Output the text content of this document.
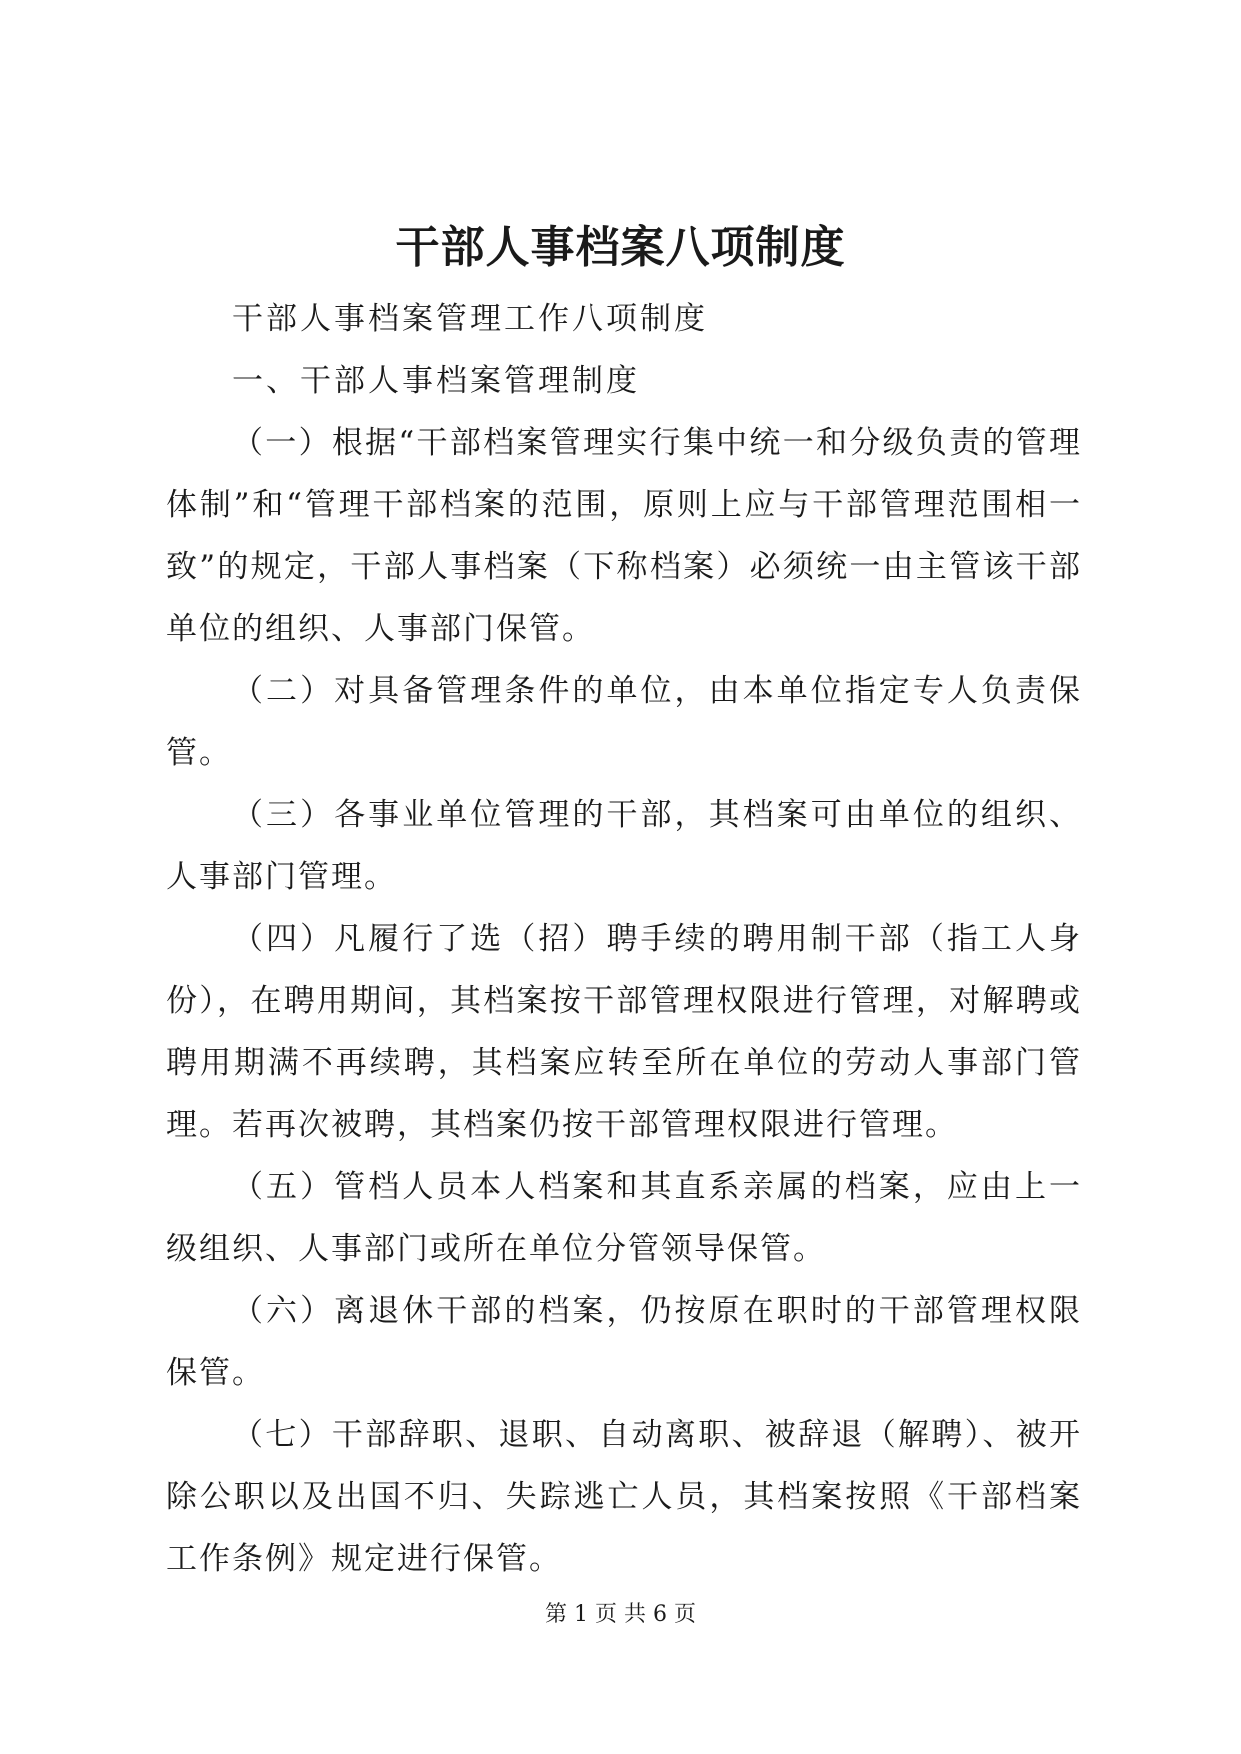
干部人事档案八项制度

干部人事档案管理工作八项制度

一、干部人事档案管理制度

（一）根据“干部档案管理实行集中统一和分级负责的管理体制”和“管理干部档案的范围，原则上应与干部管理范围相一致”的规定，干部人事档案（下称档案）必须统一由主管该干部单位的组织、人事部门保管。

（二）对具备管理条件的单位，由本单位指定专人负责保管。

（三）各事业单位管理的干部，其档案可由单位的组织、人事部门管理。

（四）凡履行了选（招）聘手续的聘用制干部（指工人身份），在聘用期间，其档案按干部管理权限进行管理，对解聘或聘用期满不再续聘，其档案应转至所在单位的劳动人事部门管理。若再次被聘，其档案仍按干部管理权限进行管理。

（五）管档人员本人档案和其直系亲属的档案，应由上一级组织、人事部门或所在单位分管领导保管。

（六）离退休干部的档案，仍按原在职时的干部管理权限保管。

（七）干部辞职、退职、自动离职、被辞退（解聘）、被开除公职以及出国不归、失踪逃亡人员，其档案按照《干部档案工作条例》规定进行保管。

第 1 页 共 6 页
